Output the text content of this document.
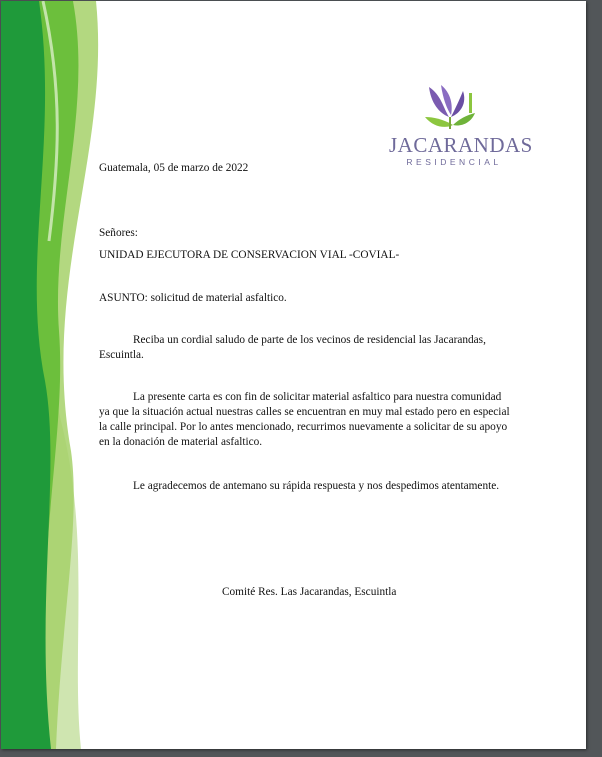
JACARANDAS
RESIDENCIAL
Guatemala, 05 de marzo de 2022
Señores:
UNIDAD EJECUTORA DE CONSERVACION VIAL -COVIAL-
ASUNTO: solicitud de material asfaltico.
Reciba un cordial saludo de parte de los vecinos de residencial las Jacarandas, Escuintla.
La presente carta es con fin de solicitar material asfaltico para nuestra comunidad ya que la situación actual nuestras calles se encuentran en muy mal estado pero en especial la calle principal. Por lo antes mencionado, recurrimos nuevamente a solicitar de su apoyo en la donación de material asfaltico.
Le agradecemos de antemano su rápida respuesta y nos despedimos atentamente.
Comité Res. Las Jacarandas, Escuintla
